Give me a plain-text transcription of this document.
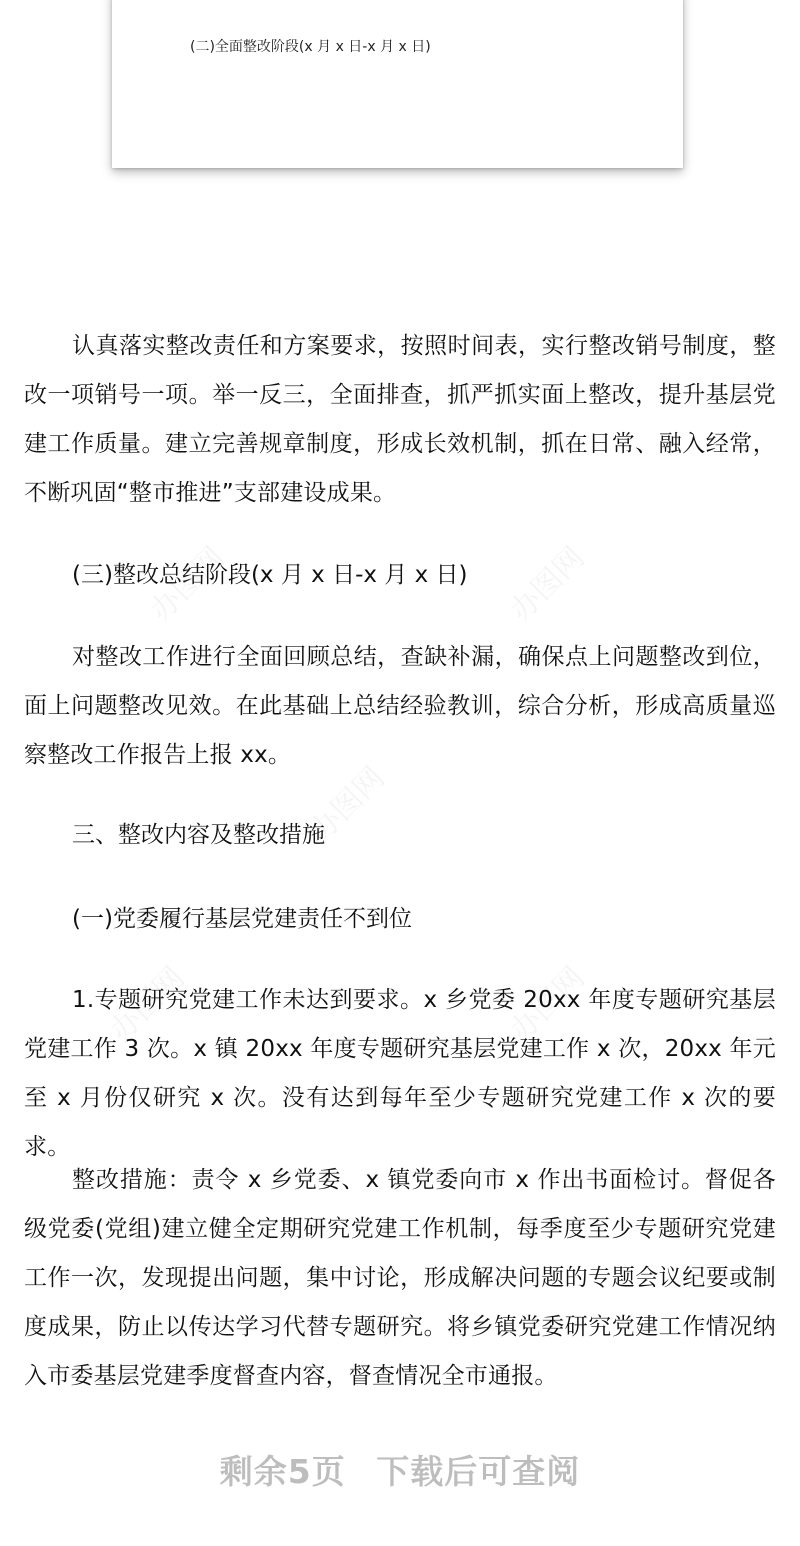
(二)全面整改阶段(x 月 x 日-x 月 x 日)

认真落实整改责任和方案要求，按照时间表，实行整改销号制度，整改一项销号一项。举一反三，全面排查，抓严抓实面上整改，提升基层党建工作质量。建立完善规章制度，形成长效机制，抓在日常、融入经常，不断巩固“整市推进”支部建设成果。

(三)整改总结阶段(x 月 x 日-x 月 x 日)

对整改工作进行全面回顾总结，查缺补漏，确保点上问题整改到位，面上问题整改见效。在此基础上总结经验教训，综合分析，形成高质量巡察整改工作报告上报 xx。

三、整改内容及整改措施

(一)党委履行基层党建责任不到位

1.专题研究党建工作未达到要求。x 乡党委 20xx 年度专题研究基层党建工作 3 次。x 镇 20xx 年度专题研究基层党建工作 x 次，20xx 年元至 x 月份仅研究 x 次。没有达到每年至少专题研究党建工作 x 次的要求。

整改措施：责令 x 乡党委、x 镇党委向市 x 作出书面检讨。督促各级党委(党组)建立健全定期研究党建工作机制，每季度至少专题研究党建工作一次，发现提出问题，集中讨论，形成解决问题的专题会议纪要或制度成果，防止以传达学习代替专题研究。将乡镇党委研究党建工作情况纳入市委基层党建季度督查内容，督查情况全市通报。

剩余5页 下载后可查阅
